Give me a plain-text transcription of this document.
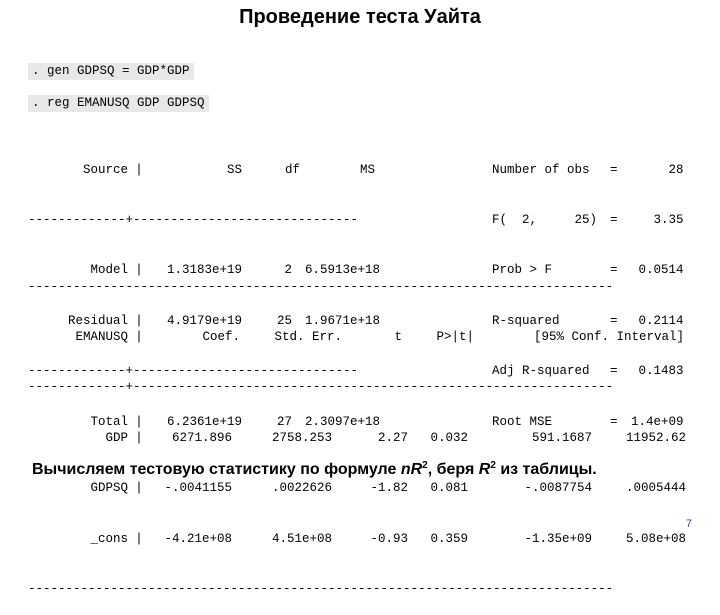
Проведение теста Уайта
. gen GDPSQ = GDP*GDP
. reg EMANUSQ GDP GDPSQ

Source |	SS	df	MS

-------------+------------------------------

Model | 1.3183e+19	2 6.5913e+18

Residual | 4.9179e+19	25 1.9671e+18

-------------+------------------------------

Total | 6.2361e+19	27 2.3097e+18

Number of obs =	28

F(  2,     25) =	3.35

Prob > F	= 0.0514

R-squared	= 0.2114

Adj R-squared = 0.1483

Root MSE	= 1.4e+09

------------------------------------------------------------------------------

EMANUSQ |	Coef.	Std. Err.	t	P>|t|	[95% Conf. Interval]

-------------+----------------------------------------------------------------

GDP | 6271.896	2758.253	2.27 0.032	591.1687	11952.62

GDPSQ | -.0041155	.0022626	-1.82 0.081	-.0087754	.0005444

_cons | -4.21e+08	4.51e+08	-0.93 0.359	-1.35e+09	5.08e+08

------------------------------------------------------------------------------

Вычисляем тестовую статистику по формуле $nR^2$, беря $R^2$ из таблицы.
7
